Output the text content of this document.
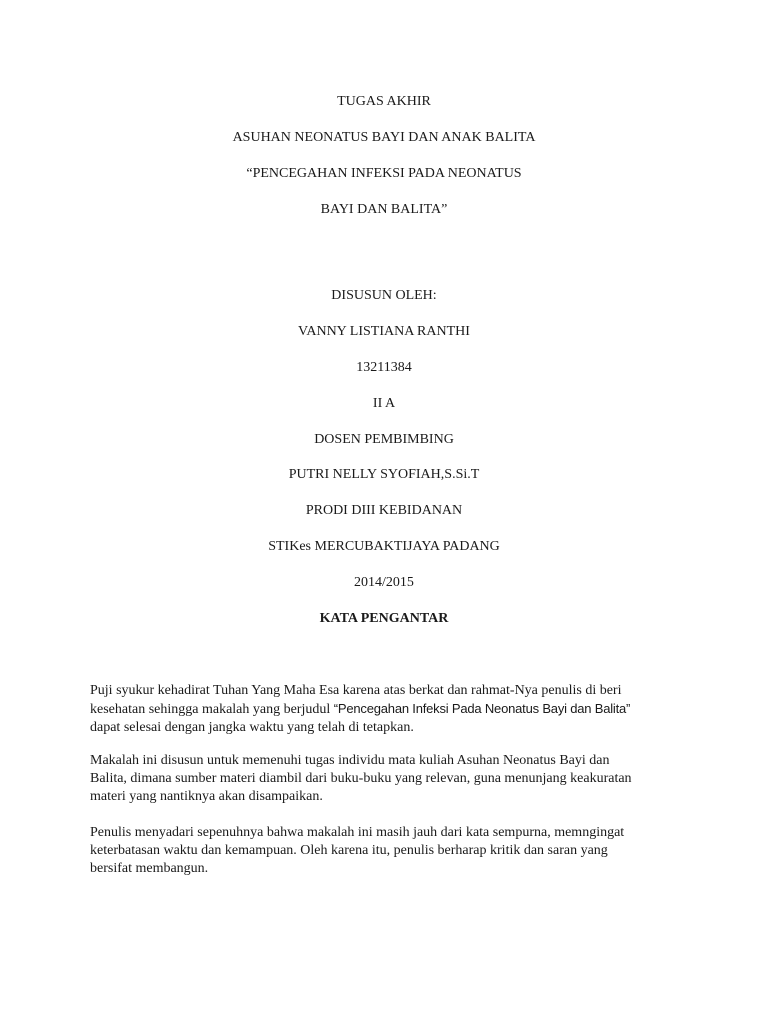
TUGAS AKHIR
ASUHAN NEONATUS BAYI DAN ANAK BALITA
“PENCEGAHAN INFEKSI PADA NEONATUS
BAYI DAN BALITA”
DISUSUN OLEH:
VANNY LISTIANA RANTHI
13211384
II A
DOSEN PEMBIMBING
PUTRI NELLY SYOFIAH,S.Si.T
PRODI DIII KEBIDANAN
STIKes MERCUBAKTIJAYA PADANG
2014/2015
KATA PENGANTAR
Puji syukur kehadirat Tuhan Yang Maha Esa karena atas berkat dan rahmat-Nya penulis di beri
kesehatan sehingga makalah yang berjudul “Pencegahan Infeksi Pada Neonatus Bayi dan Balita”
dapat selesai dengan jangka waktu yang telah di tetapkan.
Makalah ini disusun untuk memenuhi tugas individu mata kuliah Asuhan Neonatus Bayi dan
Balita, dimana sumber materi diambil dari buku-buku yang relevan, guna menunjang keakuratan
materi yang nantiknya akan disampaikan.
Penulis menyadari sepenuhnya bahwa makalah ini masih jauh dari kata sempurna, memngingat
keterbatasan waktu dan kemampuan. Oleh karena itu, penulis berharap kritik dan saran yang
bersifat membangun.
